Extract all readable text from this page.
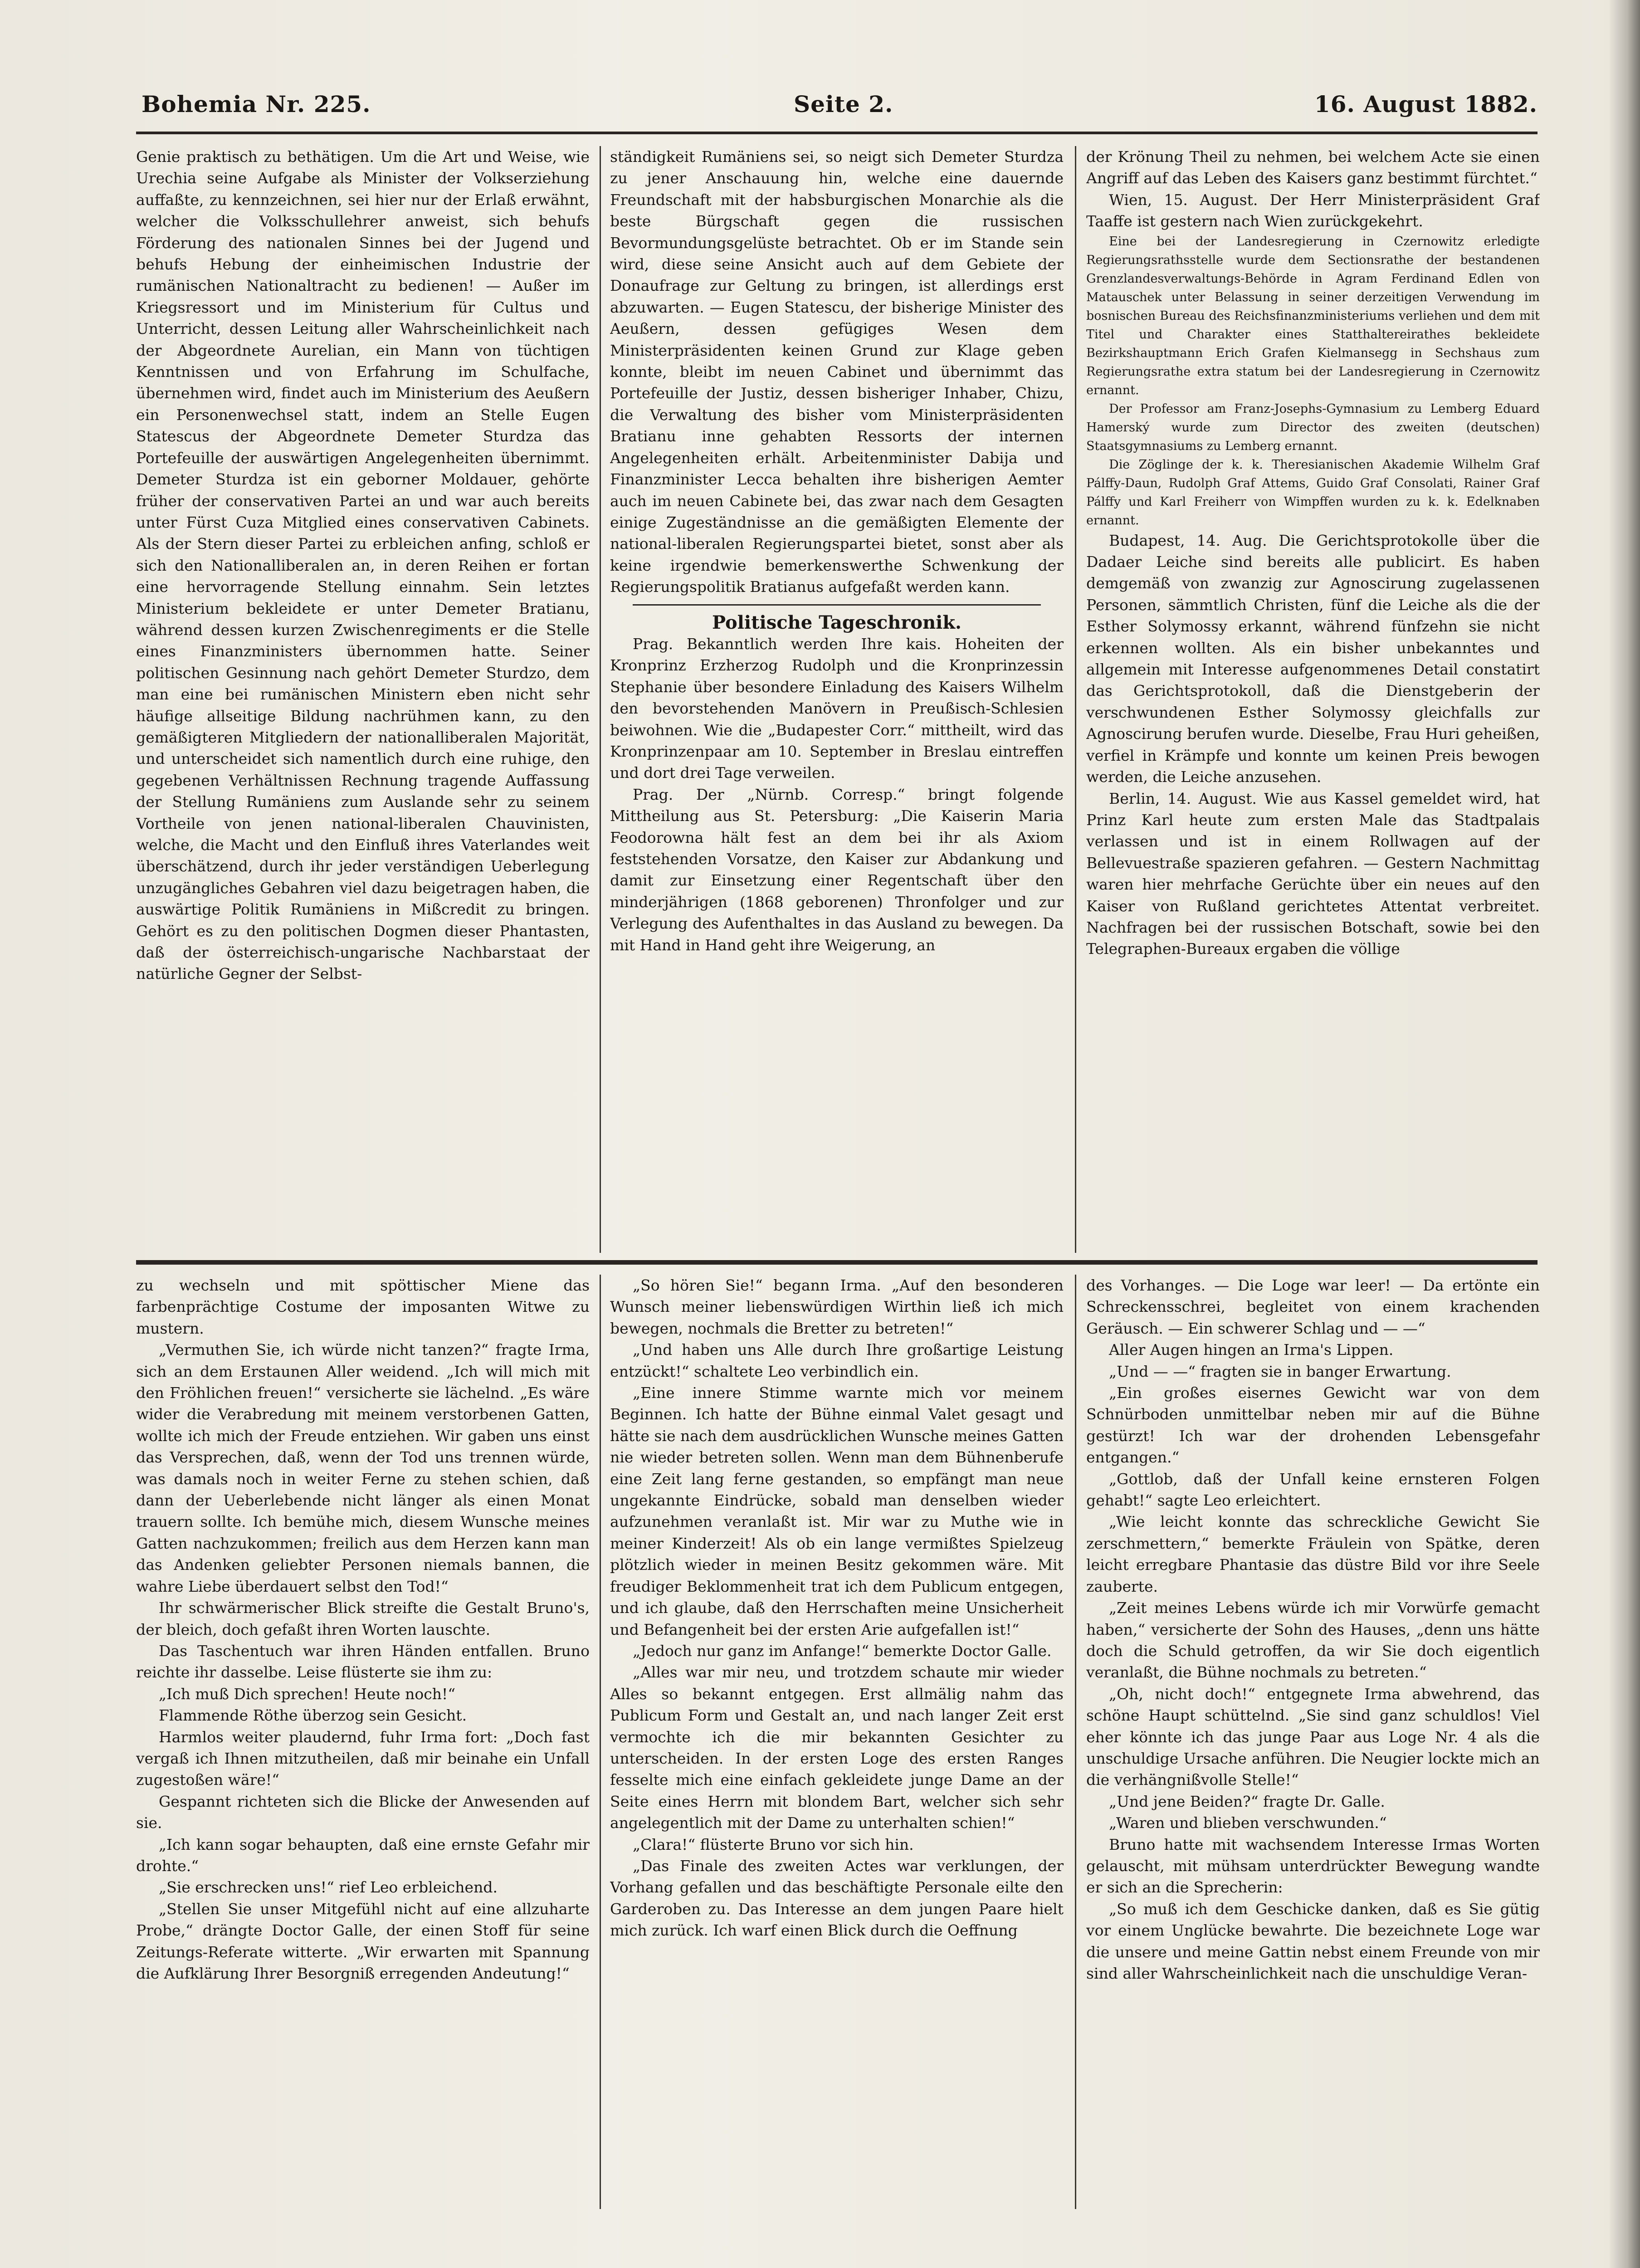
Bohemia Nr. 225.	Seite 2.	16. August 1882.

Genie praktisch zu bethätigen. Um die Art und Weise, wie Urechia seine Aufgabe als Minister der Volkserziehung auffaßte, zu kennzeichnen, sei hier nur der Erlaß erwähnt, welcher die Volksschullehrer anweist, sich behufs Förderung des nationalen Sinnes bei der Jugend und behufs Hebung der einheimischen Industrie der rumänischen Nationaltracht zu bedienen! — Außer im Kriegsressort und im Ministerium für Cultus und Unterricht, dessen Leitung aller Wahrscheinlichkeit nach der Abgeordnete Aurelian, ein Mann von tüchtigen Kenntnissen und von Erfahrung im Schulfache, übernehmen wird, findet auch im Ministerium des Aeußern ein Personenwechsel statt, indem an Stelle Eugen Statescus der Abgeordnete Demeter Sturdza das Portefeuille der auswärtigen Angelegenheiten übernimmt. Demeter Sturdza ist ein geborner Moldauer, gehörte früher der conservativen Partei an und war auch bereits unter Fürst Cuza Mitglied eines conservativen Cabinets. Als der Stern dieser Partei zu erbleichen anfing, schloß er sich den Nationalliberalen an, in deren Reihen er fortan eine hervorragende Stellung einnahm. Sein letztes Ministerium bekleidete er unter Demeter Bratianu, während dessen kurzen Zwischenregiments er die Stelle eines Finanzministers übernommen hatte. Seiner politischen Gesinnung nach gehört Demeter Sturdzo, dem man eine bei rumänischen Ministern eben nicht sehr häufige allseitige Bildung nachrühmen kann, zu den gemäßigteren Mitgliedern der nationalliberalen Majorität, und unterscheidet sich namentlich durch eine ruhige, den gegebenen Verhältnissen Rechnung tragende Auffassung der Stellung Rumäniens zum Auslande sehr zu seinem Vortheile von jenen national-liberalen Chauvinisten, welche, die Macht und den Einfluß ihres Vaterlandes weit überschätzend, durch ihr jeder verständigen Ueberlegung unzugängliches Gebahren viel dazu beigetragen haben, die auswärtige Politik Rumäniens in Mißcredit zu bringen. Gehört es zu den politischen Dogmen dieser Phantasten, daß der österreichisch-ungarische Nachbarstaat der natürliche Gegner der Selbst-

ständigkeit Rumäniens sei, so neigt sich Demeter Sturdza zu jener Anschauung hin, welche eine dauernde Freundschaft mit der habsburgischen Monarchie als die beste Bürgschaft gegen die russischen Bevormundungsgelüste betrachtet. Ob er im Stande sein wird, diese seine Ansicht auch auf dem Gebiete der Donaufrage zur Geltung zu bringen, ist allerdings erst abzuwarten. — Eugen Statescu, der bisherige Minister des Aeußern, dessen gefügiges Wesen dem Ministerpräsidenten keinen Grund zur Klage geben konnte, bleibt im neuen Cabinet und übernimmt das Portefeuille der Justiz, dessen bisheriger Inhaber, Chizu, die Verwaltung des bisher vom Ministerpräsidenten Bratianu inne gehabten Ressorts der internen Angelegenheiten erhält. Arbeitenminister Dabija und Finanzminister Lecca behalten ihre bisherigen Aemter auch im neuen Cabinete bei, das zwar nach dem Gesagten einige Zugeständnisse an die gemäßigten Elemente der national-liberalen Regierungspartei bietet, sonst aber als keine irgendwie bemerkenswerthe Schwenkung der Regierungspolitik Bratianus aufgefaßt werden kann.

Politische Tageschronik.

Prag. Bekanntlich werden Ihre kais. Hoheiten der Kronprinz Erzherzog Rudolph und die Kronprinzessin Stephanie über besondere Einladung des Kaisers Wilhelm den bevorstehenden Manövern in Preußisch-Schlesien beiwohnen. Wie die „Budapester Corr.“ mittheilt, wird das Kronprinzenpaar am 10. September in Breslau eintreffen und dort drei Tage verweilen.

Prag. Der „Nürnb. Corresp.“ bringt folgende Mittheilung aus St. Petersburg: „Die Kaiserin Maria Feodorowna hält fest an dem bei ihr als Axiom feststehenden Vorsatze, den Kaiser zur Abdankung und damit zur Einsetzung einer Regentschaft über den minderjährigen (1868 geborenen) Thronfolger und zur Verlegung des Aufenthaltes in das Ausland zu bewegen. Da mit Hand in Hand geht ihre Weigerung, an

der Krönung Theil zu nehmen, bei welchem Acte sie einen Angriff auf das Leben des Kaisers ganz bestimmt fürchtet.“

Wien, 15. August. Der Herr Ministerpräsident Graf Taaffe ist gestern nach Wien zurückgekehrt.

Eine bei der Landesregierung in Czernowitz erledigte Regierungsrathsstelle wurde dem Sectionsrathe der bestandenen Grenzlandesverwaltungs-Behörde in Agram Ferdinand Edlen von Matauschek unter Belassung in seiner derzeitigen Verwendung im bosnischen Bureau des Reichsfinanzministeriums verliehen und dem mit Titel und Charakter eines Statthaltereirathes bekleidete Bezirkshauptmann Erich Grafen Kielmansegg in Sechshaus zum Regierungsrathe extra statum bei der Landesregierung in Czernowitz ernannt.

Der Professor am Franz-Josephs-Gymnasium zu Lemberg Eduard Hamerský wurde zum Director des zweiten (deutschen) Staatsgymnasiums zu Lemberg ernannt.

Die Zöglinge der k. k. Theresianischen Akademie Wilhelm Graf Pálffy-Daun, Rudolph Graf Attems, Guido Graf Consolati, Rainer Graf Pálffy und Karl Freiherr von Wimpffen wurden zu k. k. Edelknaben ernannt.

Budapest, 14. Aug. Die Gerichtsprotokolle über die Dadaer Leiche sind bereits alle publicirt. Es haben demgemäß von zwanzig zur Agnoscirung zugelassenen Personen, sämmtlich Christen, fünf die Leiche als die der Esther Solymossy erkannt, während fünfzehn sie nicht erkennen wollten. Als ein bisher unbekanntes und allgemein mit Interesse aufgenommenes Detail constatirt das Gerichtsprotokoll, daß die Dienstgeberin der verschwundenen Esther Solymossy gleichfalls zur Agnoscirung berufen wurde. Dieselbe, Frau Huri geheißen, verfiel in Krämpfe und konnte um keinen Preis bewogen werden, die Leiche anzusehen.

Berlin, 14. August. Wie aus Kassel gemeldet wird, hat Prinz Karl heute zum ersten Male das Stadtpalais verlassen und ist in einem Rollwagen auf der Bellevuestraße spazieren gefahren. — Gestern Nachmittag waren hier mehrfache Gerüchte über ein neues auf den Kaiser von Rußland gerichtetes Attentat verbreitet. Nachfragen bei der russischen Botschaft, sowie bei den Telegraphen-Bureaux ergaben die völlige

zu wechseln und mit spöttischer Miene das farbenprächtige Costume der imposanten Witwe zu mustern.

„Vermuthen Sie, ich würde nicht tanzen?“ fragte Irma, sich an dem Erstaunen Aller weidend. „Ich will mich mit den Fröhlichen freuen!“ versicherte sie lächelnd. „Es wäre wider die Verabredung mit meinem verstorbenen Gatten, wollte ich mich der Freude entziehen. Wir gaben uns einst das Versprechen, daß, wenn der Tod uns trennen würde, was damals noch in weiter Ferne zu stehen schien, daß dann der Ueberlebende nicht länger als einen Monat trauern sollte. Ich bemühe mich, diesem Wunsche meines Gatten nachzukommen; freilich aus dem Herzen kann man das Andenken geliebter Personen niemals bannen, die wahre Liebe überdauert selbst den Tod!“

Ihr schwärmerischer Blick streifte die Gestalt Bruno's, der bleich, doch gefaßt ihren Worten lauschte.

Das Taschentuch war ihren Händen entfallen. Bruno reichte ihr dasselbe. Leise flüsterte sie ihm zu:

„Ich muß Dich sprechen! Heute noch!“

Flammende Röthe überzog sein Gesicht.

Harmlos weiter plaudernd, fuhr Irma fort: „Doch fast vergaß ich Ihnen mitzutheilen, daß mir beinahe ein Unfall zugestoßen wäre!“

Gespannt richteten sich die Blicke der Anwesenden auf sie.

„Ich kann sogar behaupten, daß eine ernste Gefahr mir drohte.“

„Sie erschrecken uns!“ rief Leo erbleichend.

„Stellen Sie unser Mitgefühl nicht auf eine allzuharte Probe,“ drängte Doctor Galle, der einen Stoff für seine Zeitungs-Referate witterte. „Wir erwarten mit Spannung die Aufklärung Ihrer Besorgniß erregenden Andeutung!“

„So hören Sie!“ begann Irma. „Auf den besonderen Wunsch meiner liebenswürdigen Wirthin ließ ich mich bewegen, nochmals die Bretter zu betreten!“

„Und haben uns Alle durch Ihre großartige Leistung entzückt!“ schaltete Leo verbindlich ein.

„Eine innere Stimme warnte mich vor meinem Beginnen. Ich hatte der Bühne einmal Valet gesagt und hätte sie nach dem ausdrücklichen Wunsche meines Gatten nie wieder betreten sollen. Wenn man dem Bühnenberufe eine Zeit lang ferne gestanden, so empfängt man neue ungekannte Eindrücke, sobald man denselben wieder aufzunehmen veranlaßt ist. Mir war zu Muthe wie in meiner Kinderzeit! Als ob ein lange vermißtes Spielzeug plötzlich wieder in meinen Besitz gekommen wäre. Mit freudiger Beklommenheit trat ich dem Publicum entgegen, und ich glaube, daß den Herrschaften meine Unsicherheit und Befangenheit bei der ersten Arie aufgefallen ist!“

„Jedoch nur ganz im Anfange!“ bemerkte Doctor Galle.

„Alles war mir neu, und trotzdem schaute mir wieder Alles so bekannt entgegen. Erst allmälig nahm das Publicum Form und Gestalt an, und nach langer Zeit erst vermochte ich die mir bekannten Gesichter zu unterscheiden. In der ersten Loge des ersten Ranges fesselte mich eine einfach gekleidete junge Dame an der Seite eines Herrn mit blondem Bart, welcher sich sehr angelegentlich mit der Dame zu unterhalten schien!“

„Clara!“ flüsterte Bruno vor sich hin.

„Das Finale des zweiten Actes war verklungen, der Vorhang gefallen und das beschäftigte Personale eilte den Garderoben zu. Das Interesse an dem jungen Paare hielt mich zurück. Ich warf einen Blick durch die Oeffnung

des Vorhanges. — Die Loge war leer! — Da ertönte ein Schreckensschrei, begleitet von einem krachenden Geräusch. — Ein schwerer Schlag und — —“

Aller Augen hingen an Irma's Lippen.

„Und — —“ fragten sie in banger Erwartung.

„Ein großes eisernes Gewicht war von dem Schnürboden unmittelbar neben mir auf die Bühne gestürzt! Ich war der drohenden Lebensgefahr entgangen.“

„Gottlob, daß der Unfall keine ernsteren Folgen gehabt!“ sagte Leo erleichtert.

„Wie leicht konnte das schreckliche Gewicht Sie zerschmettern,“ bemerkte Fräulein von Spätke, deren leicht erregbare Phantasie das düstre Bild vor ihre Seele zauberte.

„Zeit meines Lebens würde ich mir Vorwürfe gemacht haben,“ versicherte der Sohn des Hauses, „denn uns hätte doch die Schuld getroffen, da wir Sie doch eigentlich veranlaßt, die Bühne nochmals zu betreten.“

„Oh, nicht doch!“ entgegnete Irma abwehrend, das schöne Haupt schüttelnd. „Sie sind ganz schuldlos! Viel eher könnte ich das junge Paar aus Loge Nr. 4 als die unschuldige Ursache anführen. Die Neugier lockte mich an die verhängnißvolle Stelle!“

„Und jene Beiden?“ fragte Dr. Galle.

„Waren und blieben verschwunden.“

Bruno hatte mit wachsendem Interesse Irmas Worten gelauscht, mit mühsam unterdrückter Bewegung wandte er sich an die Sprecherin:

„So muß ich dem Geschicke danken, daß es Sie gütig vor einem Unglücke bewahrte. Die bezeichnete Loge war die unsere und meine Gattin nebst einem Freunde von mir sind aller Wahrscheinlichkeit nach die unschuldige Veran-
